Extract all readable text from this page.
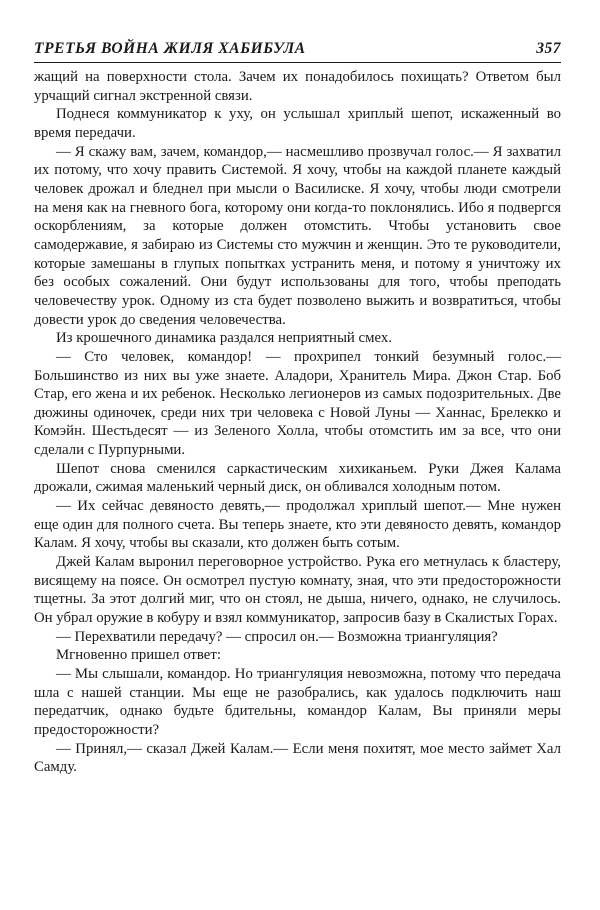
ТРЕТЬЯ ВОЙНА ЖИЛЯ ХАБИБУЛА	357

жащий на поверхности стола. Зачем их понадобилось похищать? Ответом был урчащий сигнал экстренной связи.

Поднеся коммуникатор к уху, он услышал хриплый шепот, искаженный во время передачи.

— Я скажу вам, зачем, командор,— насмешливо прозвучал голос.— Я захватил их потому, что хочу править Системой. Я хочу, чтобы на каждой планете каждый человек дрожал и бледнел при мысли о Василиске. Я хочу, чтобы люди смотрели на меня как на гневного бога, которому они когда-то поклонялись. Ибо я подвергся оскорблениям, за которые должен отомстить. Чтобы установить свое самодержавие, я забираю из Системы сто мужчин и женщин. Это те руководители, которые замешаны в глупых попытках устранить меня, и потому я уничтожу их без особых сожалений. Они будут использованы для того, чтобы преподать человечеству урок. Одному из ста будет позволено выжить и возвратиться, чтобы довести урок до сведения человечества.

Из крошечного динамика раздался неприятный смех.

— Сто человек, командор! — прохрипел тонкий безумный голос.— Большинство из них вы уже знаете. Аладори, Хранитель Мира. Джон Стар. Боб Стар, его жена и их ребенок. Несколько легионеров из самых подозрительных. Две дюжины одиночек, среди них три человека с Новой Луны — Ханнас, Брелекко и Комэйн. Шестьдесят — из Зеленого Холла, чтобы отомстить им за все, что они сделали с Пурпурными.

Шепот снова сменился саркастическим хихиканьем. Руки Джея Калама дрожали, сжимая маленький черный диск, он обливался холодным потом.

— Их сейчас девяносто девять,— продолжал хриплый шепот.— Мне нужен еще один для полного счета. Вы теперь знаете, кто эти девяносто девять, командор Калам. Я хочу, чтобы вы сказали, кто должен быть сотым.

Джей Калам выронил переговорное устройство. Рука его метнулась к бластеру, висящему на поясе. Он осмотрел пустую комнату, зная, что эти предосторожности тщетны. За этот долгий миг, что он стоял, не дыша, ничего, однако, не случилось. Он убрал оружие в кобуру и взял коммуникатор, запросив базу в Скалистых Горах.

— Перехватили передачу? — спросил он.— Возможна триангуляция?

Мгновенно пришел ответ:

— Мы слышали, командор. Но триангуляция невозможна, потому что передача шла с нашей станции. Мы еще не разобрались, как удалось подключить наш передатчик, однако будьте бдительны, командор Калам, Вы приняли меры предосторожности?

— Принял,— сказал Джей Калам.— Если меня похитят, мое место займет Хал Самду.
